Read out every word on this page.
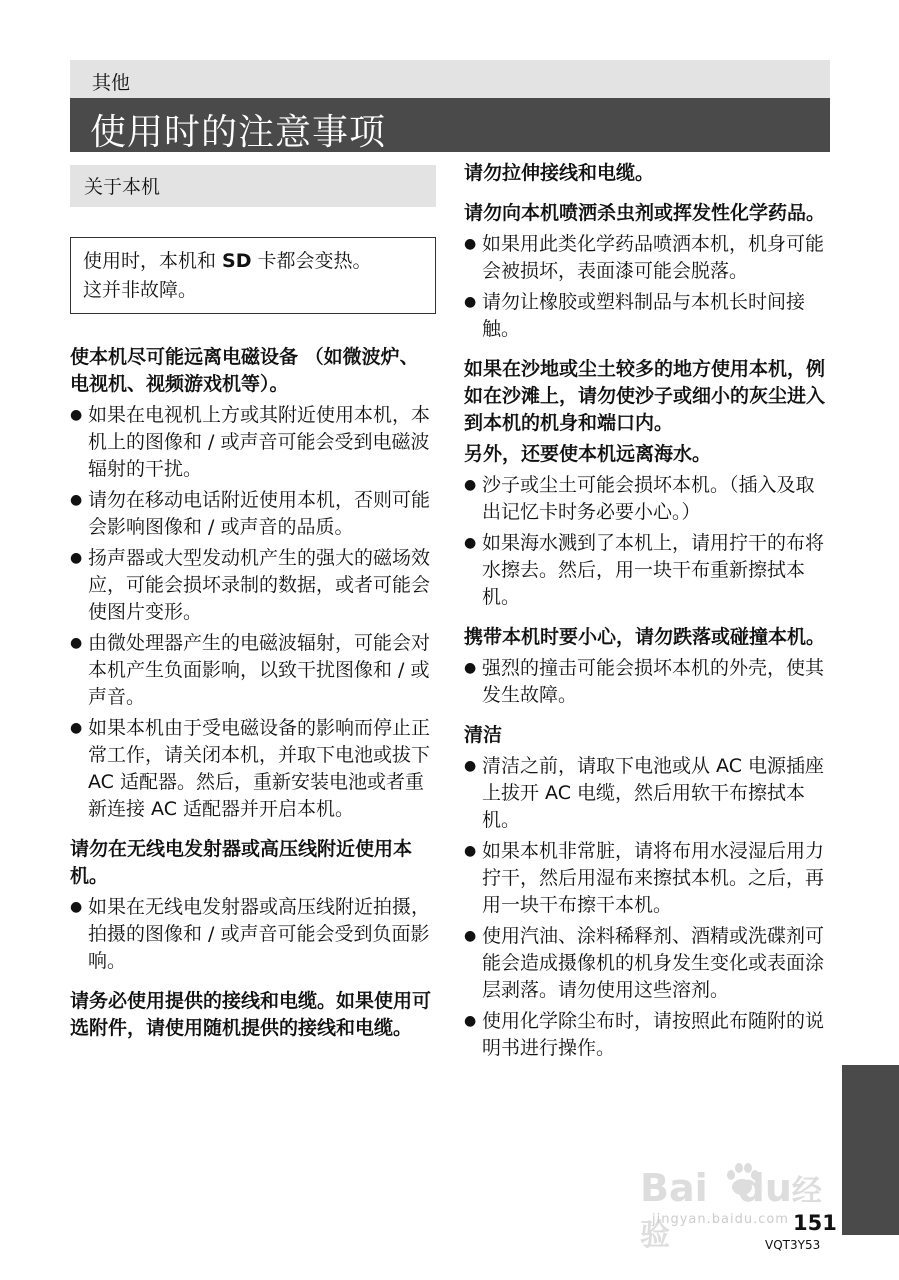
其他
使用时的注意事项
关于本机
使用时，本机和 SD 卡都会变热。
这并非故障。
使本机尽可能远离电磁设备 （如微波炉、电视机、视频游戏机等）。
● 如果在电视机上方或其附近使用本机，本机上的图像和 / 或声音可能会受到电磁波辐射的干扰。
● 请勿在移动电话附近使用本机，否则可能会影响图像和 / 或声音的品质。
● 扬声器或大型发动机产生的强大的磁场效应，可能会损坏录制的数据，或者可能会使图片变形。
● 由微处理器产生的电磁波辐射，可能会对本机产生负面影响，以致干扰图像和 / 或声音。
● 如果本机由于受电磁设备的影响而停止正常工作，请关闭本机，并取下电池或拔下 AC 适配器。然后，重新安装电池或者重新连接 AC 适配器并开启本机。
请勿在无线电发射器或高压线附近使用本机。
● 如果在无线电发射器或高压线附近拍摄，拍摄的图像和 / 或声音可能会受到负面影响。
请务必使用提供的接线和电缆。如果使用可选附件，请使用随机提供的接线和电缆。
请勿拉伸接线和电缆。
请勿向本机喷洒杀虫剂或挥发性化学药品。
● 如果用此类化学药品喷洒本机，机身可能会被损坏，表面漆可能会脱落。
● 请勿让橡胶或塑料制品与本机长时间接触。
如果在沙地或尘土较多的地方使用本机，例如在沙滩上，请勿使沙子或细小的灰尘进入到本机的机身和端口内。
另外，还要使本机远离海水。
● 沙子或尘土可能会损坏本机。（插入及取出记忆卡时务必要小心。）
● 如果海水溅到了本机上，请用拧干的布将水擦去。然后，用一块干布重新擦拭本机。
携带本机时要小心，请勿跌落或碰撞本机。
● 强烈的撞击可能会损坏本机的外壳，使其发生故障。
清洁
● 清洁之前，请取下电池或从 AC 电源插座上拔开 AC 电缆，然后用软干布擦拭本机。
● 如果本机非常脏，请将布用水浸湿后用力拧干，然后用湿布来擦拭本机。之后，再用一块干布擦干本机。
● 使用汽油、涂料稀释剂、酒精或洗碟剂可能会造成摄像机的机身发生变化或表面涂层剥落。请勿使用这些溶剂。
● 使用化学除尘布时，请按照此布随附的说明书进行操作。
Bai du经验
jingyan.baidu.com 151
VQT3Y53
